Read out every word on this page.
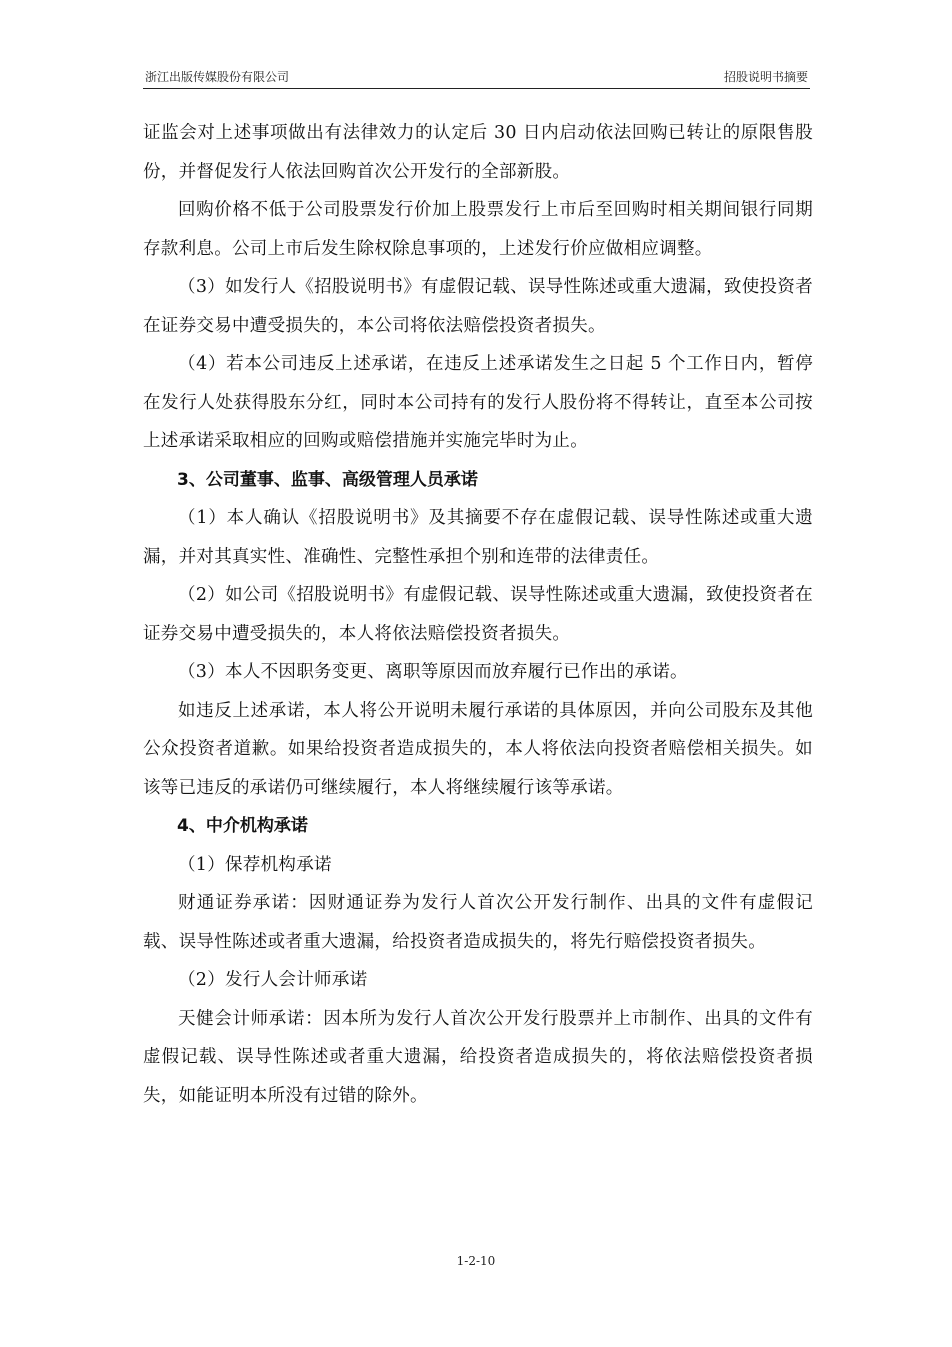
浙江出版传媒股份有限公司	招股说明书摘要

证监会对上述事项做出有法律效力的认定后 30 日内启动依法回购已转让的原限售股份，并督促发行人依法回购首次公开发行的全部新股。

回购价格不低于公司股票发行价加上股票发行上市后至回购时相关期间银行同期存款利息。公司上市后发生除权除息事项的，上述发行价应做相应调整。

（3）如发行人《招股说明书》有虚假记载、误导性陈述或重大遗漏，致使投资者在证券交易中遭受损失的，本公司将依法赔偿投资者损失。

（4）若本公司违反上述承诺，在违反上述承诺发生之日起 5 个工作日内，暂停在发行人处获得股东分红，同时本公司持有的发行人股份将不得转让，直至本公司按上述承诺采取相应的回购或赔偿措施并实施完毕时为止。

3、公司董事、监事、高级管理人员承诺

（1）本人确认《招股说明书》及其摘要不存在虚假记载、误导性陈述或重大遗漏，并对其真实性、准确性、完整性承担个别和连带的法律责任。

（2）如公司《招股说明书》有虚假记载、误导性陈述或重大遗漏，致使投资者在证券交易中遭受损失的，本人将依法赔偿投资者损失。

（3）本人不因职务变更、离职等原因而放弃履行已作出的承诺。

如违反上述承诺，本人将公开说明未履行承诺的具体原因，并向公司股东及其他公众投资者道歉。如果给投资者造成损失的，本人将依法向投资者赔偿相关损失。如该等已违反的承诺仍可继续履行，本人将继续履行该等承诺。

4、中介机构承诺

（1）保荐机构承诺

财通证券承诺：因财通证券为发行人首次公开发行制作、出具的文件有虚假记载、误导性陈述或者重大遗漏，给投资者造成损失的，将先行赔偿投资者损失。

（2）发行人会计师承诺

天健会计师承诺：因本所为发行人首次公开发行股票并上市制作、出具的文件有虚假记载、误导性陈述或者重大遗漏，给投资者造成损失的，将依法赔偿投资者损失，如能证明本所没有过错的除外。

1-2-10
